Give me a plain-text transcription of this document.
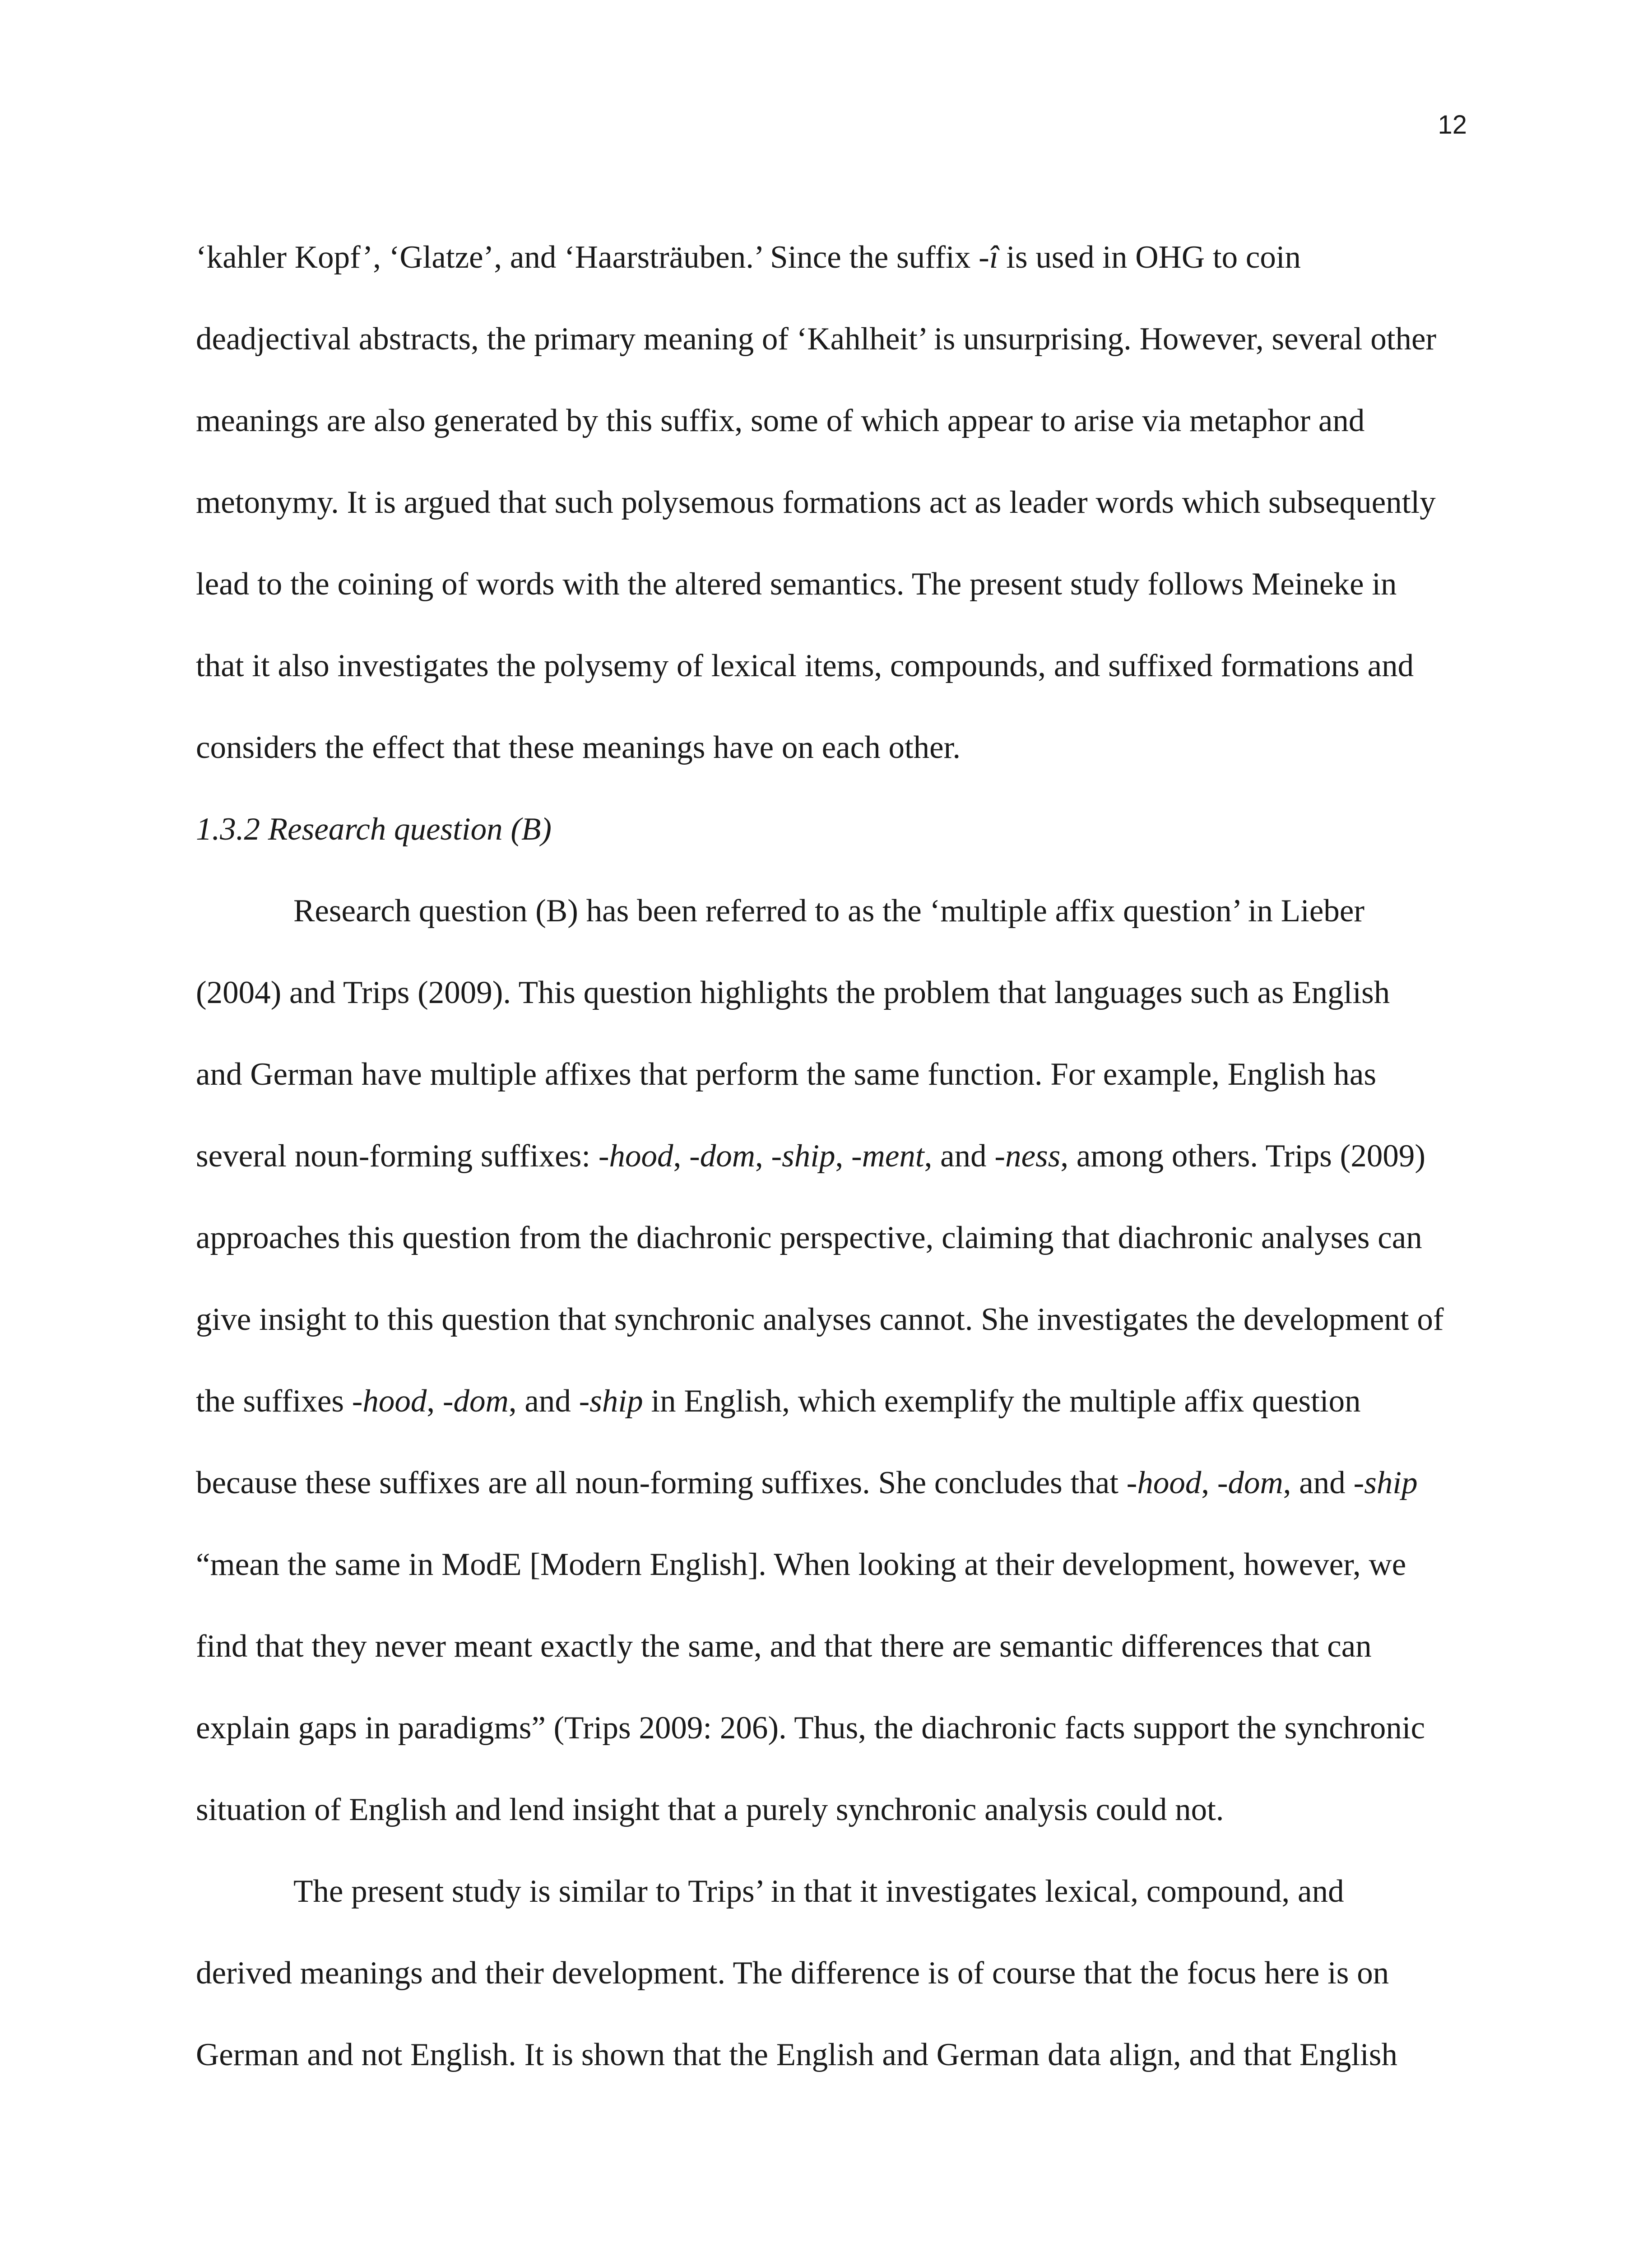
12
‘kahler Kopf’, ‘Glatze’, and ‘Haarsträuben.’ Since the suffix -î is used in OHG to coin
deadjectival abstracts, the primary meaning of ‘Kahlheit’ is unsurprising. However, several other
meanings are also generated by this suffix, some of which appear to arise via metaphor and
metonymy. It is argued that such polysemous formations act as leader words which subsequently
lead to the coining of words with the altered semantics. The present study follows Meineke in
that it also investigates the polysemy of lexical items, compounds, and suffixed formations and
considers the effect that these meanings have on each other.
1.3.2 Research question (B)
Research question (B) has been referred to as the ‘multiple affix question’ in Lieber
(2004) and Trips (2009). This question highlights the problem that languages such as English
and German have multiple affixes that perform the same function. For example, English has
several noun-forming suffixes: -hood, -dom, -ship, -ment, and -ness, among others. Trips (2009)
approaches this question from the diachronic perspective, claiming that diachronic analyses can
give insight to this question that synchronic analyses cannot. She investigates the development of
the suffixes -hood, -dom, and -ship in English, which exemplify the multiple affix question
because these suffixes are all noun-forming suffixes. She concludes that -hood, -dom, and -ship
“mean the same in ModE [Modern English]. When looking at their development, however, we
find that they never meant exactly the same, and that there are semantic differences that can
explain gaps in paradigms” (Trips 2009: 206). Thus, the diachronic facts support the synchronic
situation of English and lend insight that a purely synchronic analysis could not.
The present study is similar to Trips’ in that it investigates lexical, compound, and
derived meanings and their development. The difference is of course that the focus here is on
German and not English. It is shown that the English and German data align, and that English
